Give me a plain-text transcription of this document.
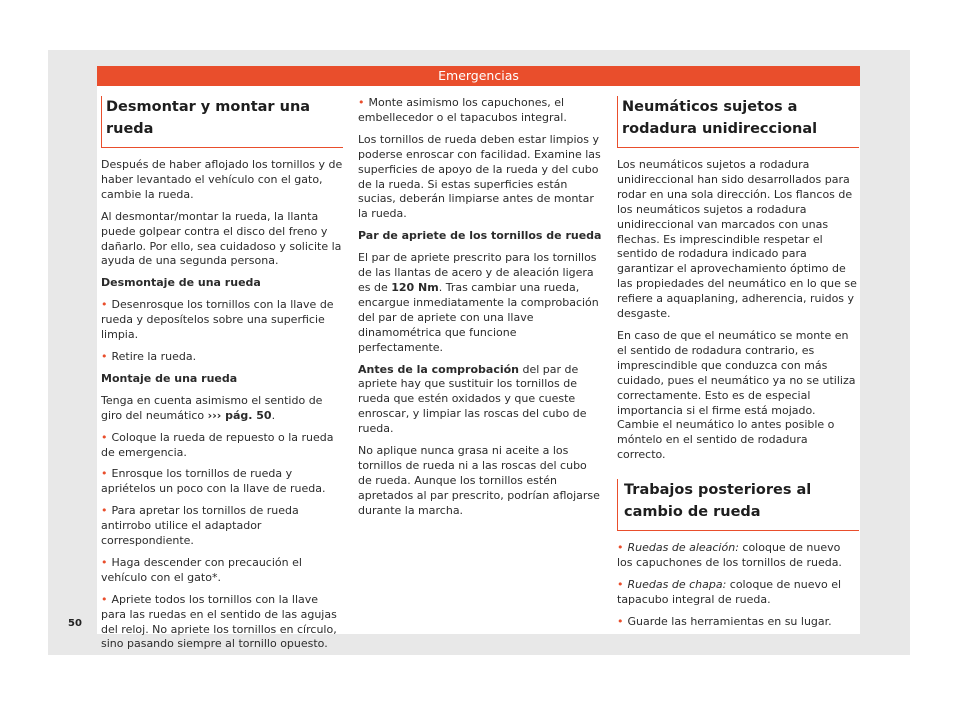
Emergencias
Desmontar y montar una rueda

Después de haber aflojado los tornillos y de haber levantado el vehículo con el gato, cambie la rueda.

Al desmontar/montar la rueda, la llanta puede golpear contra el disco del freno y dañarlo. Por ello, sea cuidadoso y solicite la ayuda de una segunda persona.

Desmontaje de una rueda

• Desenrosque los tornillos con la llave de rueda y deposítelos sobre una superficie limpia.

• Retire la rueda.

Montaje de una rueda

Tenga en cuenta asimismo el sentido de giro del neumático ››› pág. 50.

• Coloque la rueda de repuesto o la rueda de emergencia.

• Enrosque los tornillos de rueda y apriételos un poco con la llave de rueda.

• Para apretar los tornillos de rueda antirrobo utilice el adaptador correspondiente.

• Haga descender con precaución el vehículo con el gato*.

• Apriete todos los tornillos con la llave para las ruedas en el sentido de las agujas del reloj. No apriete los tornillos en círculo, sino pasando siempre al tornillo opuesto.

• Monte asimismo los capuchones, el embellecedor o el tapacubos integral.

Los tornillos de rueda deben estar limpios y poderse enroscar con facilidad. Examine las superficies de apoyo de la rueda y del cubo de la rueda. Si estas superficies están sucias, deberán limpiarse antes de montar la rueda.

Par de apriete de los tornillos de rueda

El par de apriete prescrito para los tornillos de las llantas de acero y de aleación ligera es de 120 Nm. Tras cambiar una rueda, encargue inmediatamente la comprobación del par de apriete con una llave dinamométrica que funcione perfectamente.

Antes de la comprobación del par de apriete hay que sustituir los tornillos de rueda que estén oxidados y que cueste enroscar, y limpiar las roscas del cubo de rueda.

No aplique nunca grasa ni aceite a los tornillos de rueda ni a las roscas del cubo de rueda. Aunque los tornillos estén apretados al par prescrito, podrían aflojarse durante la marcha.

Neumáticos sujetos a rodadura unidireccional

Los neumáticos sujetos a rodadura unidireccional han sido desarrollados para rodar en una sola dirección. Los flancos de los neumáticos sujetos a rodadura unidireccional van marcados con unas flechas. Es imprescindible respetar el sentido de rodadura indicado para garantizar el aprovechamiento óptimo de las propiedades del neumático en lo que se refiere a aquaplaning, adherencia, ruidos y desgaste.

En caso de que el neumático se monte en el sentido de rodadura contrario, es imprescindible que conduzca con más cuidado, pues el neumático ya no se utiliza correctamente. Esto es de especial importancia si el firme está mojado. Cambie el neumático lo antes posible o móntelo en el sentido de rodadura correcto.

Trabajos posteriores al cambio de rueda

• Ruedas de aleación: coloque de nuevo los capuchones de los tornillos de rueda.

• Ruedas de chapa: coloque de nuevo el tapacubo integral de rueda.

• Guarde las herramientas en su lugar.

50
